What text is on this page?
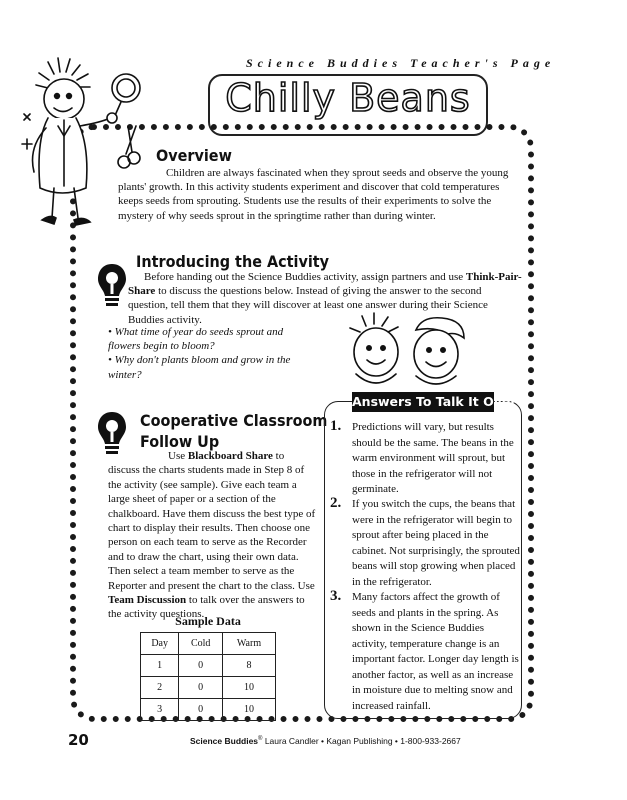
Science Buddies Teacher's Page
Chilly Beans
Overview
Children are always fascinated when they sprout seeds and observe the young plants' growth. In this activity students experiment and discover that cold temperatures keeps seeds from sprouting. Students use the results of their experiments to solve the mystery of why seeds sprout in the springtime rather than during winter.
Introducing the Activity
Before handing out the Science Buddies activity, assign partners and use Think-Pair-Share to discuss the questions below. Instead of giving the answer to the second question, tell them that they will discover at least one answer during their Science Buddies activity.
• What time of year do seeds sprout and flowers begin to bloom?
• Why don't plants bloom and grow in the winter?
Cooperative Classroom
Follow Up
Use Blackboard Share to discuss the charts students made in Step 8 of the activity (see sample). Give each team a large sheet of paper or a section of the chalkboard. Have them discuss the best type of chart to display their results. Then choose one person on each team to serve as the Recorder and to draw the chart, using their own data. Then select a team member to serve as the Reporter and present the chart to the class. Use Team Discussion to talk over the answers to the activity questions.
Sample Data
Day	Cold	Warm
1	0	8
2	0	10
3	0	10
Answers To Talk It Over
1. Predictions will vary, but results should be the same. The beans in the warm environment will sprout, but those in the refrigerator will not germinate.
2. If you switch the cups, the beans that were in the refrigerator will begin to sprout after being placed in the cabinet. Not surprisingly, the sprouted beans will stop growing when placed in the refrigerator.
3. Many factors affect the growth of seeds and plants in the spring. As shown in the Science Buddies activity, temperature change is an important factor. Longer day length is another factor, as well as an increase in moisture due to melting snow and increased rainfall.
20	Science Buddies® Laura Candler • Kagan Publishing • 1-800-933-2667
